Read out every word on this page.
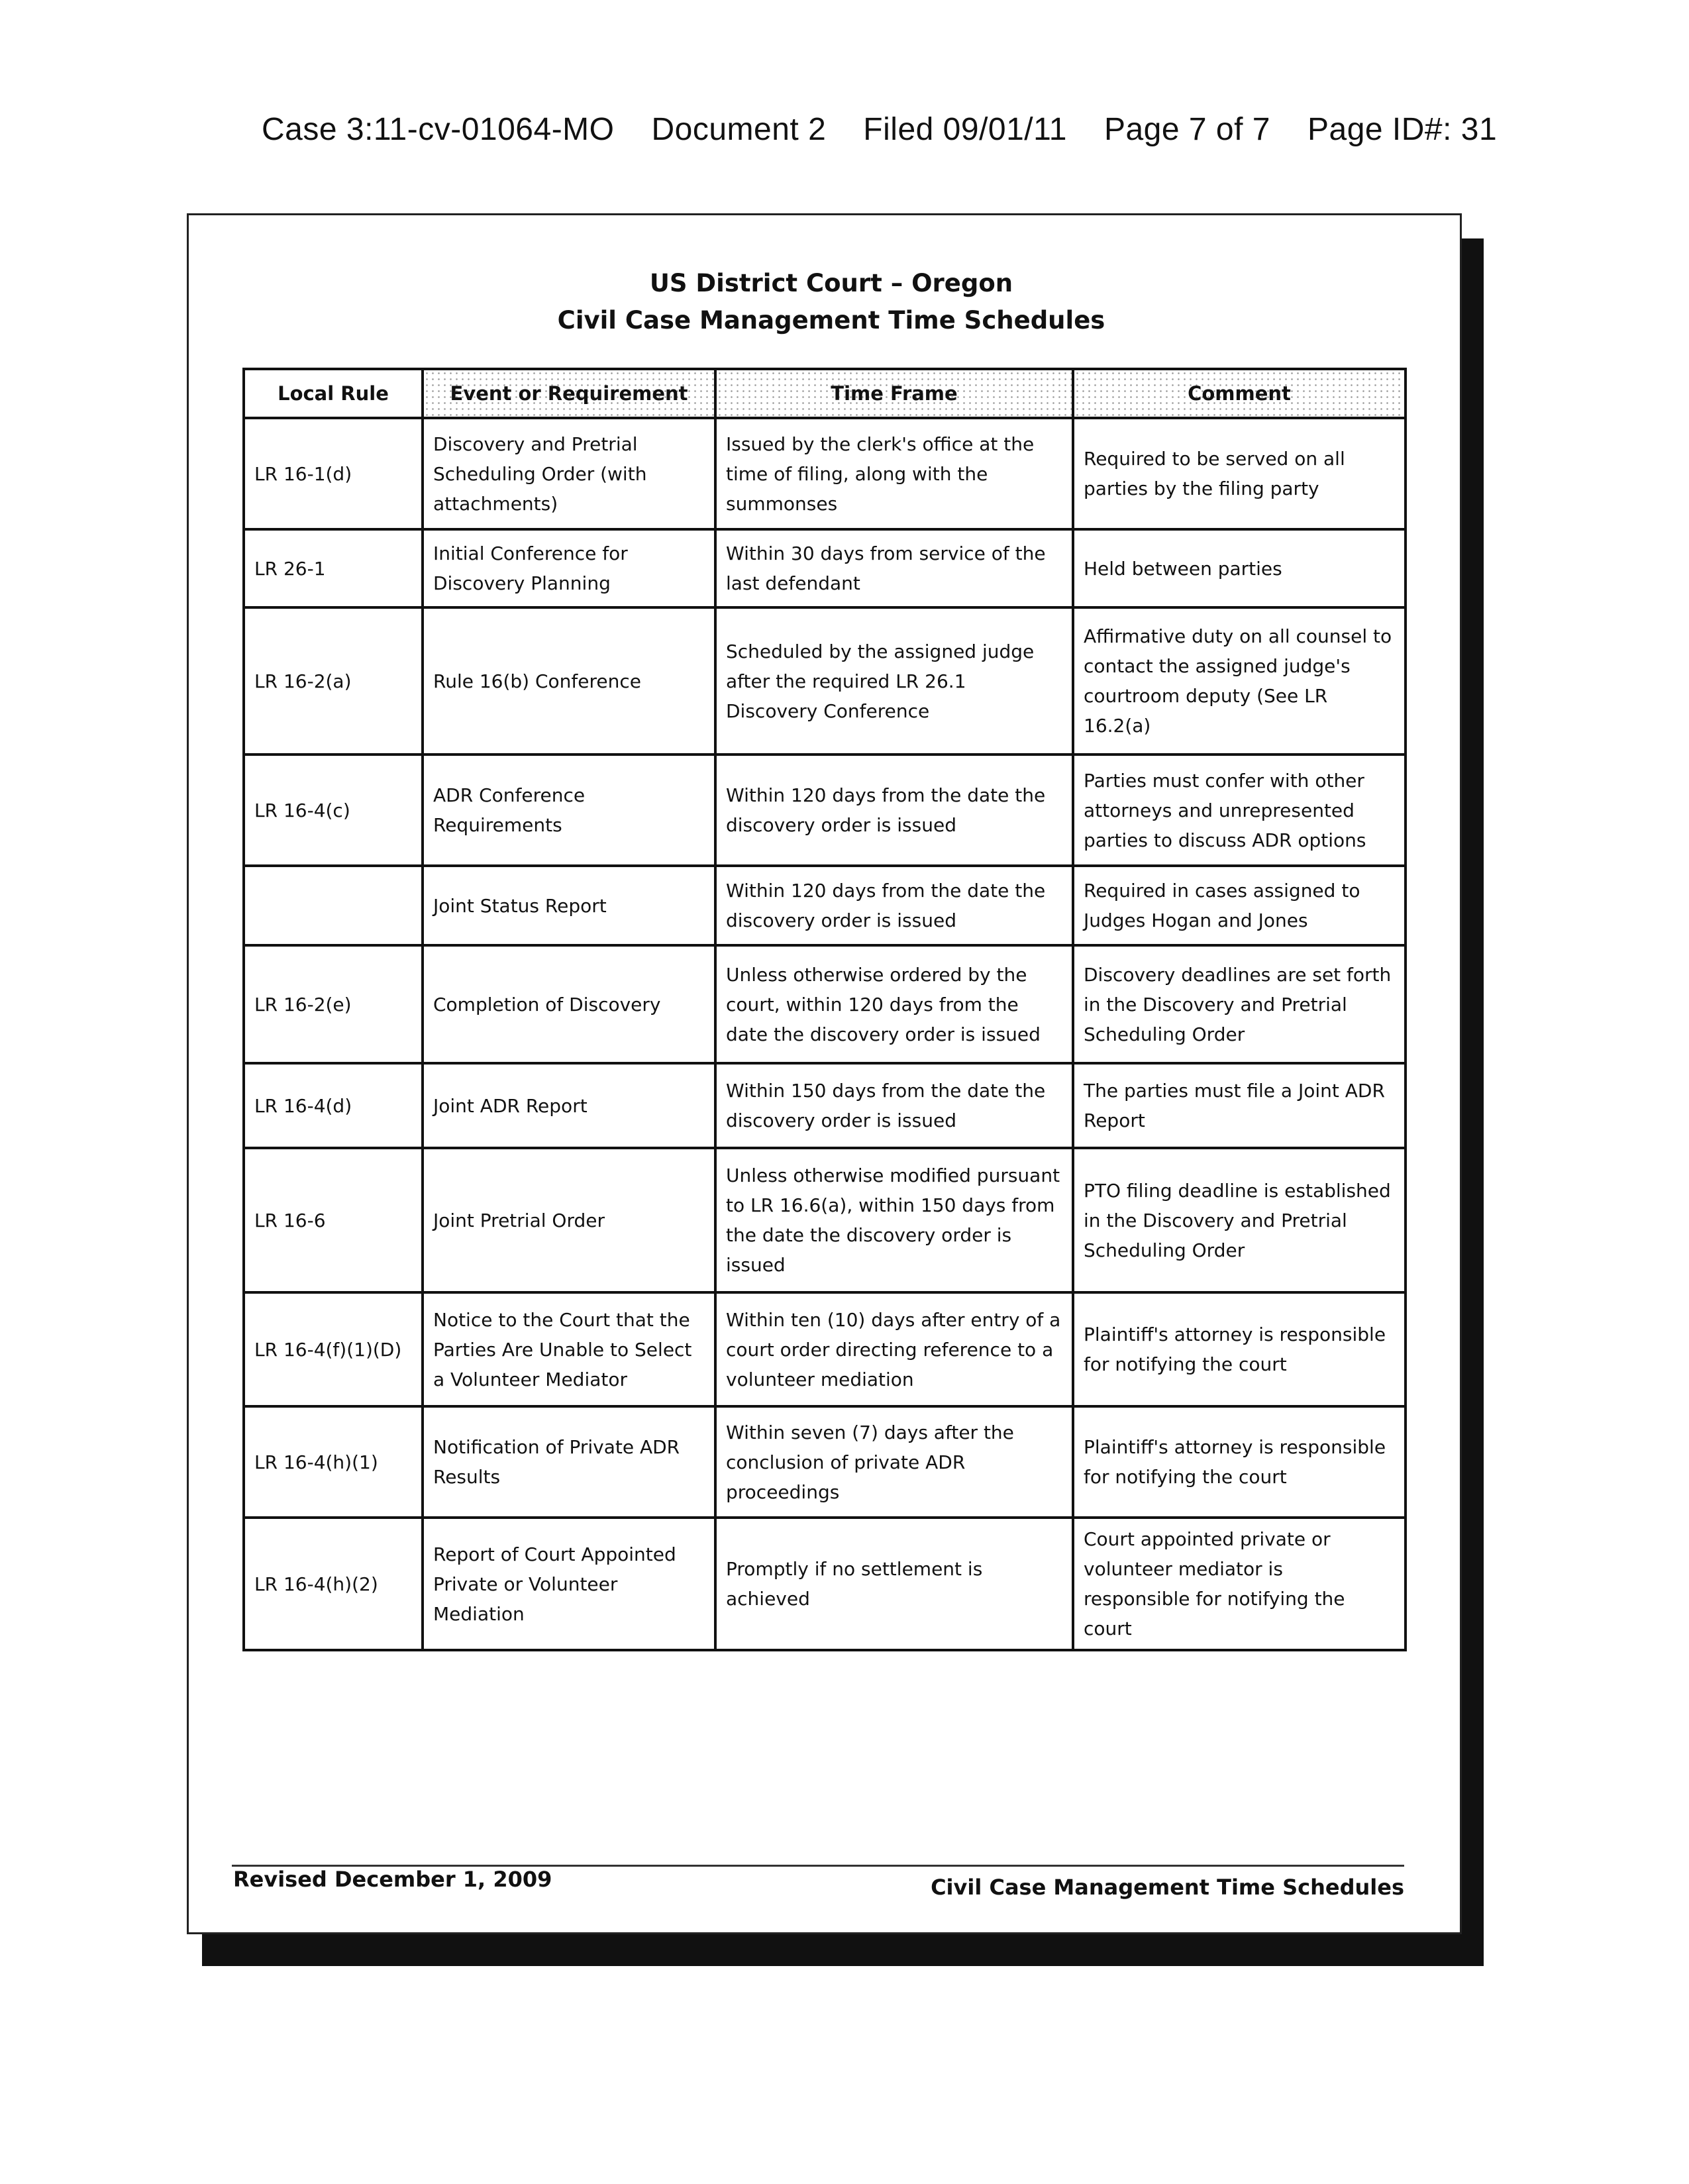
Case 3:11-cv-01064-MO Document 2 Filed 09/01/11 Page 7 of 7 Page ID#: 31
US District Court – Oregon
Civil Case Management Time Schedules
Local Rule	Event or Requirement	Time Frame	Comment
LR 16-1(d)	Discovery and Pretrial Scheduling Order (with attachments)	Issued by the clerk's office at the time of filing, along with the summonses	Required to be served on all parties by the filing party
LR 26-1	Initial Conference for Discovery Planning	Within 30 days from service of the last defendant	Held between parties
LR 16-2(a)	Rule 16(b) Conference	Scheduled by the assigned judge after the required LR 26.1 Discovery Conference	Affirmative duty on all counsel to contact the assigned judge's courtroom deputy (See LR 16.2(a)
LR 16-4(c)	ADR Conference Requirements	Within 120 days from the date the discovery order is issued	Parties must confer with other attorneys and unrepresented parties to discuss ADR options
	Joint Status Report	Within 120 days from the date the discovery order is issued	Required in cases assigned to Judges Hogan and Jones
LR 16-2(e)	Completion of Discovery	Unless otherwise ordered by the court, within 120 days from the date the discovery order is issued	Discovery deadlines are set forth in the Discovery and Pretrial Scheduling Order
LR 16-4(d)	Joint ADR Report	Within 150 days from the date the discovery order is issued	The parties must file a Joint ADR Report
LR 16-6	Joint Pretrial Order	Unless otherwise modified pursuant to LR 16.6(a), within 150 days from the date the discovery order is issued	PTO filing deadline is established in the Discovery and Pretrial Scheduling Order
LR 16-4(f)(1)(D)	Notice to the Court that the Parties Are Unable to Select a Volunteer Mediator	Within ten (10) days after entry of a court order directing reference to a volunteer mediation	Plaintiff's attorney is responsible for notifying the court
LR 16-4(h)(1)	Notification of Private ADR Results	Within seven (7) days after the conclusion of private ADR proceedings	Plaintiff's attorney is responsible for notifying the court
LR 16-4(h)(2)	Report of Court Appointed Private or Volunteer Mediation	Promptly if no settlement is achieved	Court appointed private or volunteer mediator is responsible for notifying the court
Revised December 1, 2009	Civil Case Management Time Schedules
